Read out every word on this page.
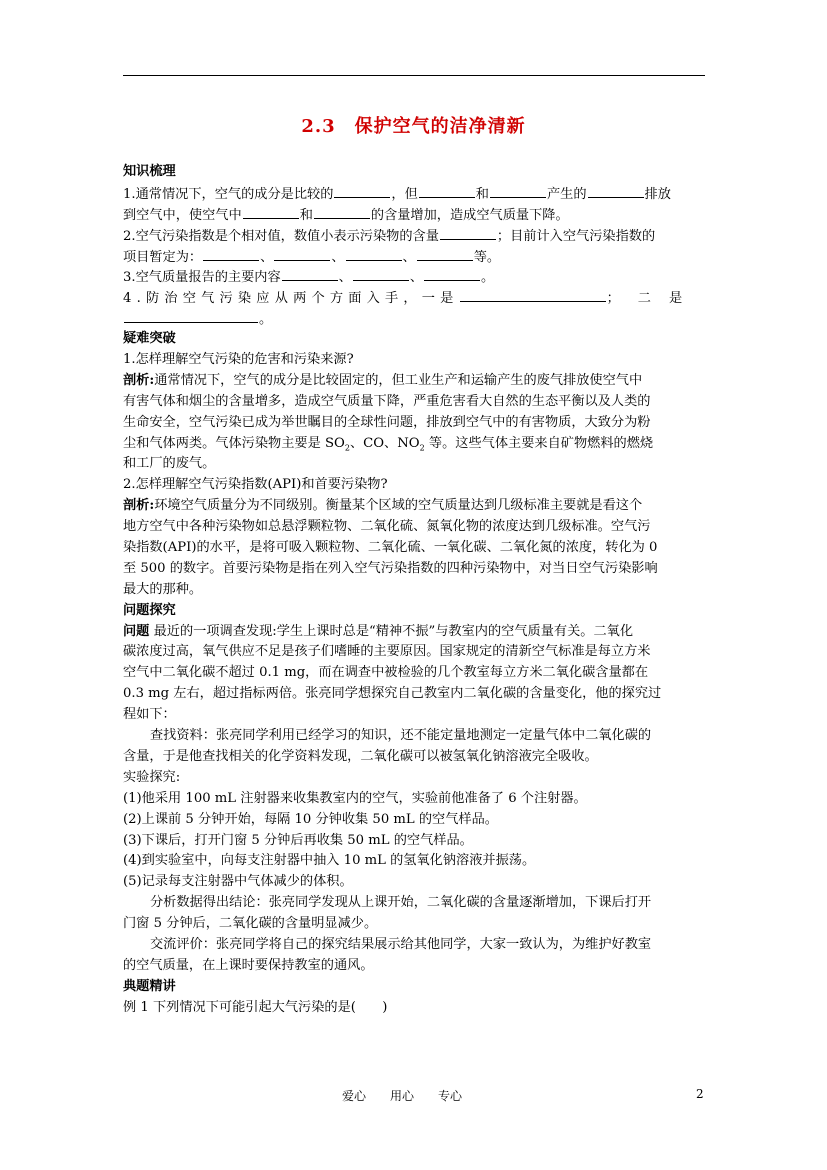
2.3　保护空气的洁净清新
知识梳理
1.通常情况下，空气的成分是比较的	，但	和	产生的	排放
到空气中，使空气中	和	的含量增加，造成空气质量下降。
2.空气污染指数是个相对值，数值小表示污染物的含量	；目前计入空气污染指数的
项目暂定为：	、	、	、	等。
3.空气质量报告的主要内容	、	、	。
4.防治空气污染应从两个方面入手，一是	；二是
。
疑难突破
1.怎样理解空气污染的危害和污染来源?
剖析:通常情况下，空气的成分是比较固定的，但工业生产和运输产生的废气排放使空气中
有害气体和烟尘的含量增多，造成空气质量下降，严重危害看大自然的生态平衡以及人类的
生命安全，空气污染已成为举世瞩目的全球性问题，排放到空气中的有害物质，大致分为粉
尘和气体两类。气体污染物主要是 $SO_2$、CO、$NO_2$ 等。这些气体主要来自矿物燃料的燃烧
和工厂的废气。
2.怎样理解空气污染指数(API)和首要污染物?
剖析:环境空气质量分为不同级别。衡量某个区域的空气质量达到几级标准主要就是看这个
地方空气中各种污染物如总悬浮颗粒物、二氧化硫、氮氧化物的浓度达到几级标准。空气污
染指数(API)的水平，是将可吸入颗粒物、二氧化硫、一氧化碳、二氧化氮的浓度，转化为 0
至 500 的数字。首要污染物是指在列入空气污染指数的四种污染物中，对当日空气污染影响
最大的那种。
问题探究
问题 最近的一项调查发现:学生上课时总是“精神不振”与教室内的空气质量有关。二氧化
碳浓度过高，氧气供应不足是孩子们嗜睡的主要原因。国家规定的清新空气标准是每立方米
空气中二氧化碳不超过 0.1 mg，而在调查中被检验的几个教室每立方米二氧化碳含量都在
0.3 mg 左右，超过指标两倍。张亮同学想探究自己教室内二氧化碳的含量变化，他的探究过
程如下：
查找资料：张亮同学利用已经学习的知识，还不能定量地测定一定量气体中二氧化碳的
含量，于是他查找相关的化学资料发现，二氧化碳可以被氢氧化钠溶液完全吸收。
实验探究:
(1)他采用 100 mL 注射器来收集教室内的空气，实验前他准备了 6 个注射器。
(2)上课前 5 分钟开始，每隔 10 分钟收集 50 mL 的空气样品。
(3)下课后，打开门窗 5 分钟后再收集 50 mL 的空气样品。
(4)到实验室中，向每支注射器中抽入 10 mL 的氢氧化钠溶液并振荡。
(5)记录每支注射器中气体减少的体积。
分析数据得出结论：张亮同学发现从上课开始，二氧化碳的含量逐渐增加，下课后打开
门窗 5 分钟后，二氧化碳的含量明显减少。
交流评价：张亮同学将自己的探究结果展示给其他同学，大家一致认为，为维护好教室
的空气质量，在上课时要保持教室的通风。
典题精讲
例 1 下列情况下可能引起大气污染的是(　　)
爱心　　用心　　专心	2
